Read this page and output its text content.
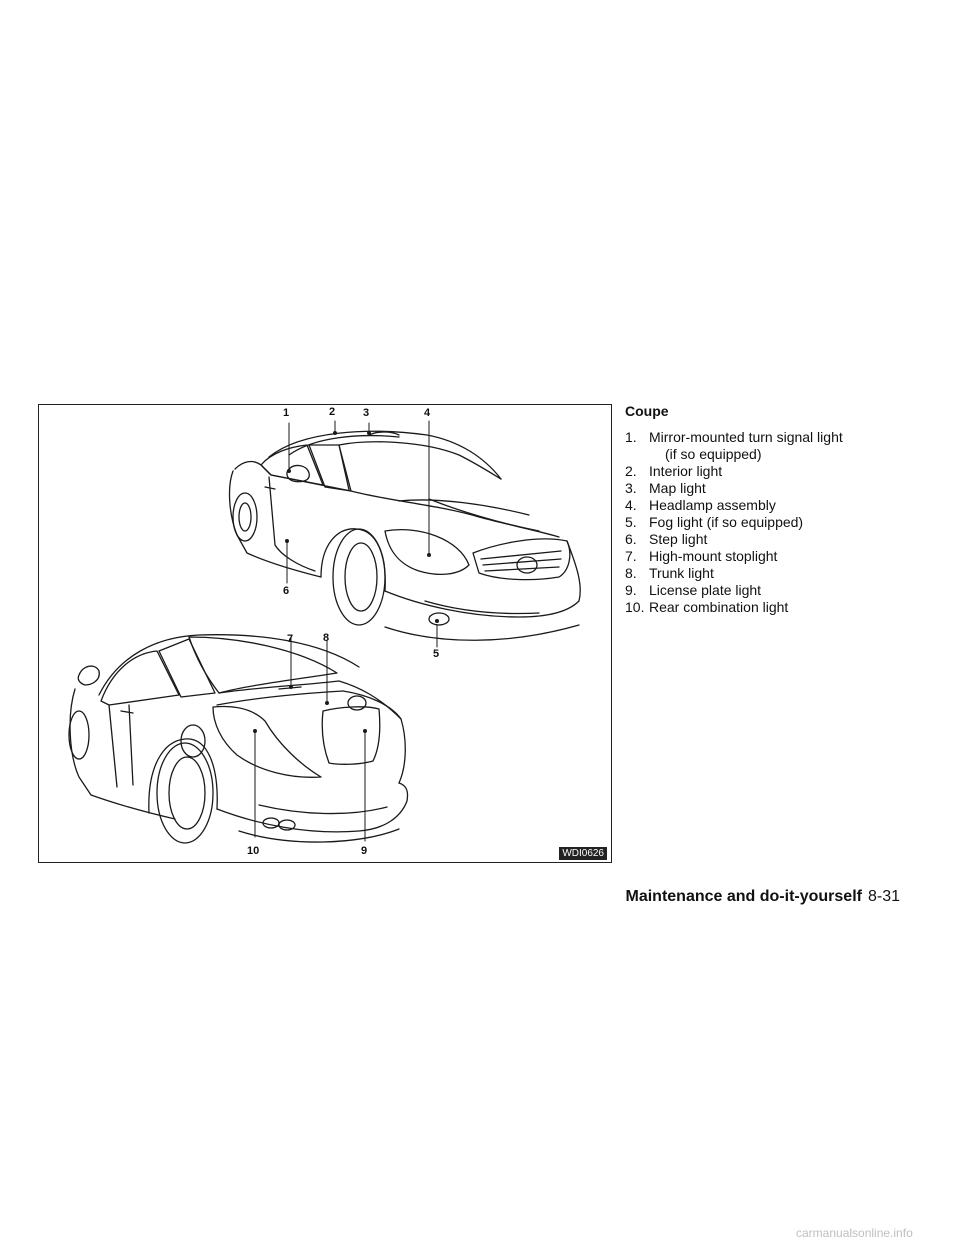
1	2	3	4
5
6
7	8
9
10	WDI0626
Coupe
1. Mirror-mounted turn signal light
(if so equipped)
2. Interior light
3. Map light
4. Headlamp assembly
5. Fog light (if so equipped)
6. Step light
7. High-mount stoplight
8. Trunk light
9. License plate light
10. Rear combination light
Maintenance and do-it-yourself 8-31
carmanualsonline.info
